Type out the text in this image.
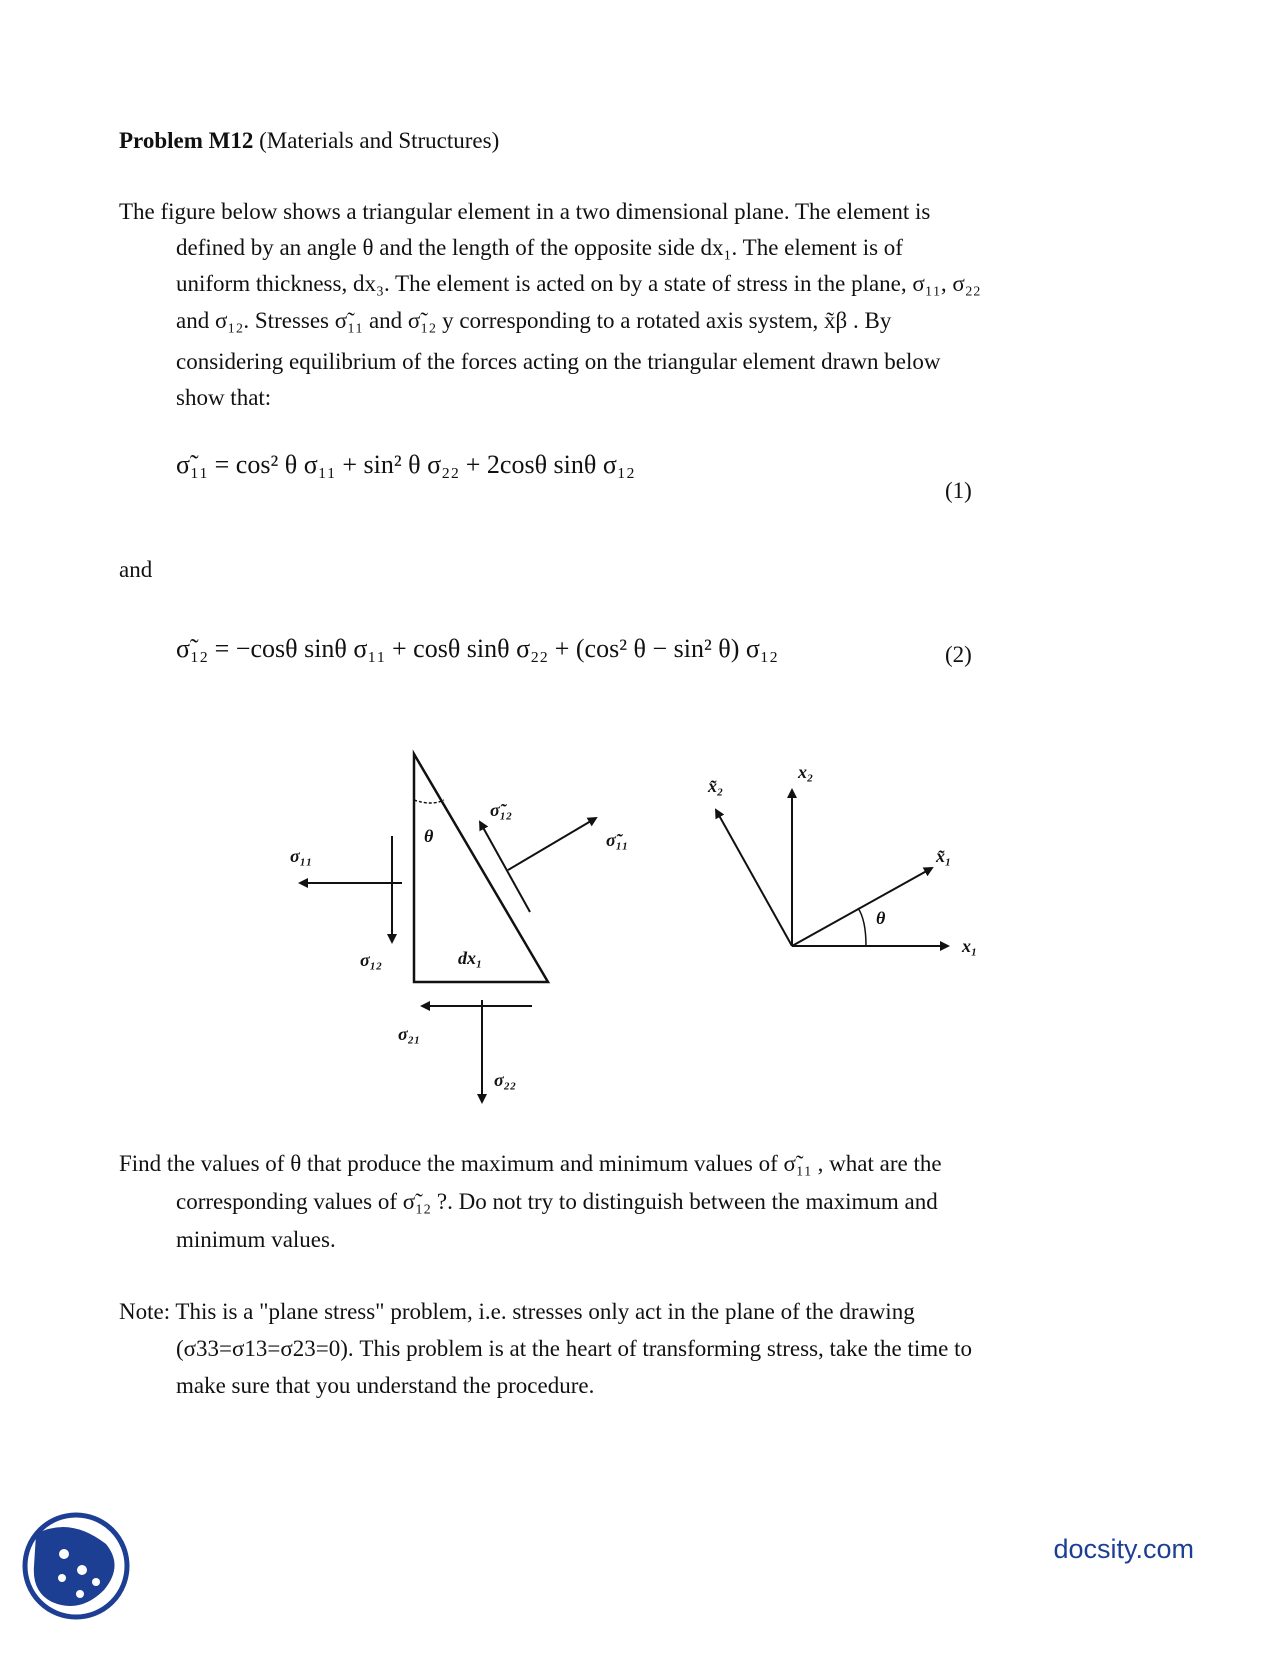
Problem M12 (Materials and Structures)
The figure below shows a triangular element in a two dimensional plane. The element is
defined by an angle θ and the length of the opposite side dx₁. The element is of
uniform thickness, dx₃. The element is acted on by a state of stress in the plane, σ₁₁, σ₂₂
and σ₁₂. Stresses σ̃₁₁ and σ̃₁₂ y corresponding to a rotated axis system, x̃β . By
considering equilibrium of the forces acting on the triangular element drawn below
show that:
σ̃₁₁ = cos² θ σ₁₁ + sin² θ σ₂₂ + 2cosθ sinθ σ₁₂
(1)
and
σ̃₁₂ = −cosθ sinθ σ₁₁ + cosθ sinθ σ₂₂ + (cos² θ − sin² θ) σ₁₂	(2)
σ₁₁
σ₁₂
θ
σ̃₁₂
σ̃₁₁
dx₁
σ₂₁
σ₂₂
x̃₂
x₂
x̃₁
θ
x₁
Find the values of θ that produce the maximum and minimum values of σ̃₁₁ , what are the
corresponding values of σ̃₁₂ ?. Do not try to distinguish between the maximum and
minimum values.
Note: This is a "plane stress" problem, i.e. stresses only act in the plane of the drawing
(σ33=σ13=σ23=0). This problem is at the heart of transforming stress, take the time to
make sure that you understand the procedure.
docsity.com
